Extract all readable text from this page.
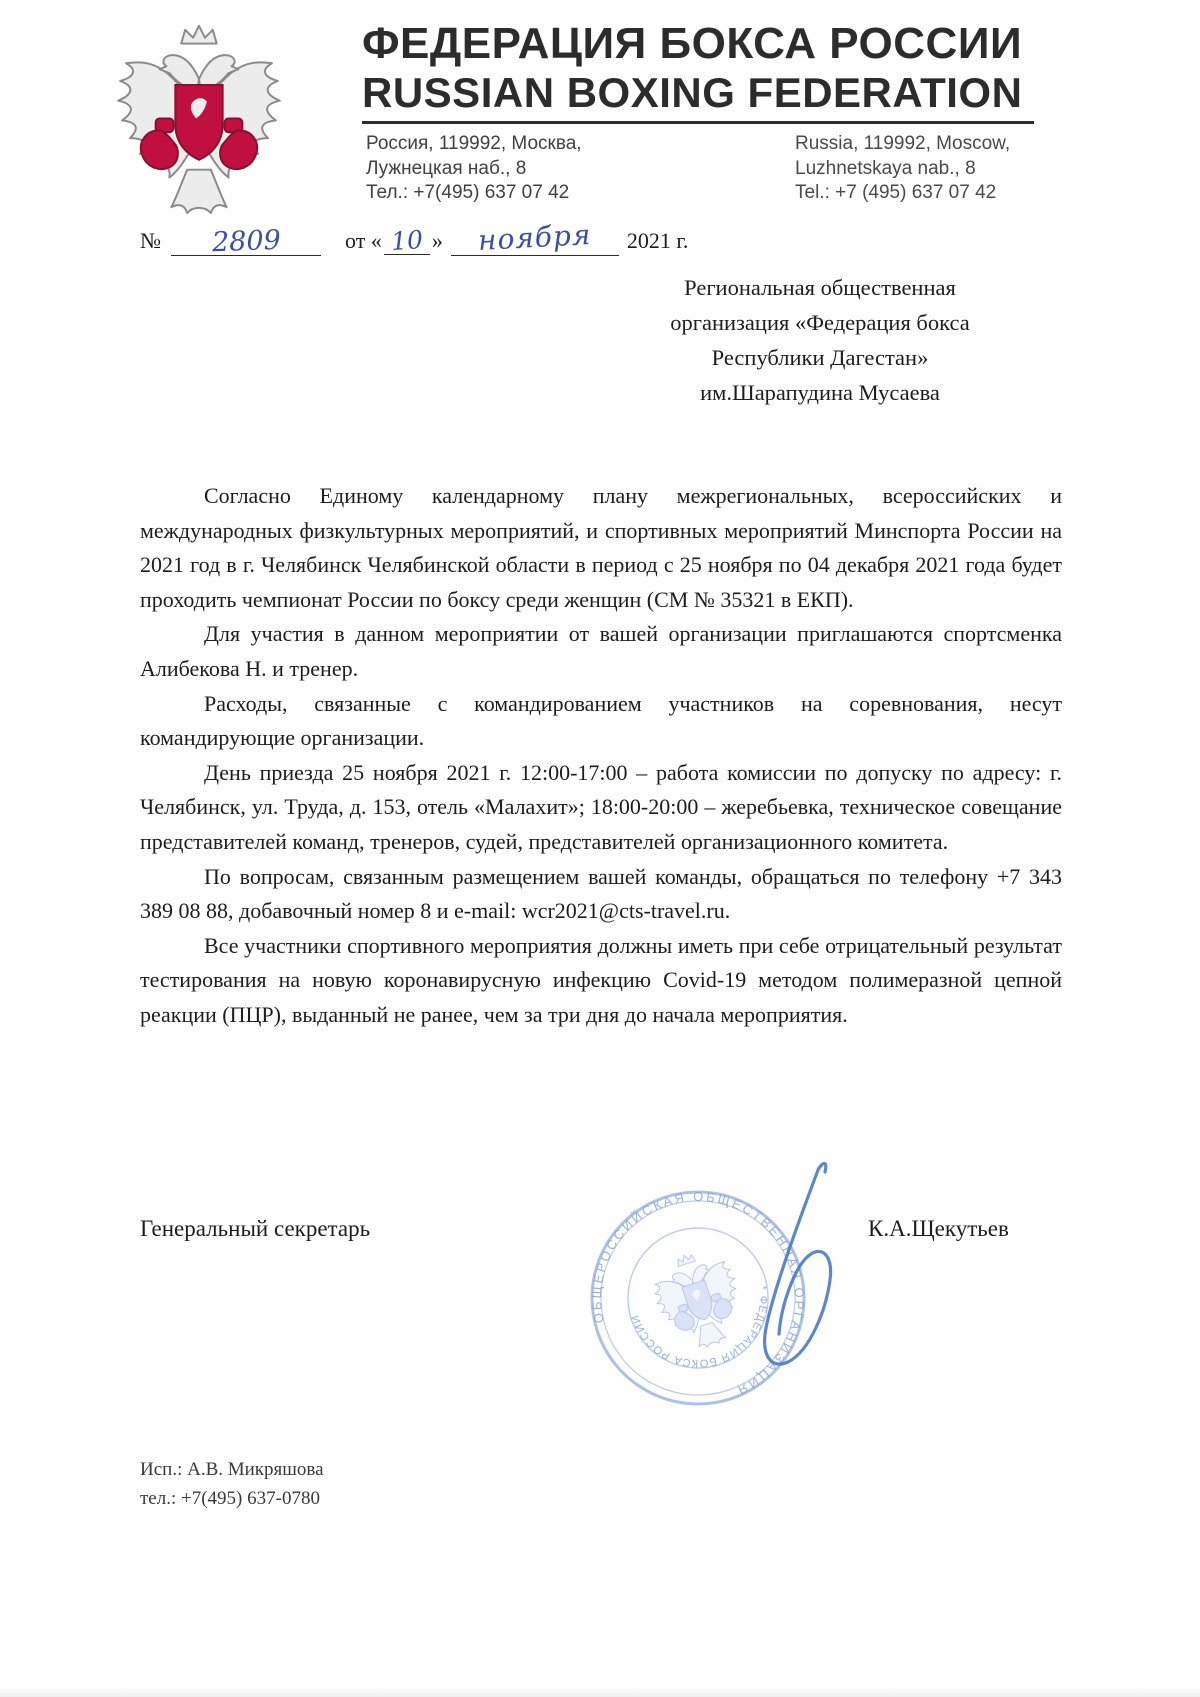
ФЕДЕРАЦИЯ БОКСА РОССИИ
RUSSIAN BOXING FEDERATION
Россия, 119992, Москва,
Лужнецкая наб., 8
Тел.: +7(495) 637 07 42
Russia, 119992, Moscow,
Luzhnetskaya nab., 8
Tel.: +7 (495) 637 07 42
№	2809	от « 10 »	ноября	2021 г.
Региональная общественная
организация «Федерация бокса
Республики Дагестан»
им.Шарапудина Мусаева

Согласно Единому календарному плану межрегиональных, всероссийских и международных физкультурных мероприятий, и спортивных мероприятий Минспорта России на 2021 год в г. Челябинск Челябинской области в период с 25 ноября по 04 декабря 2021 года будет проходить чемпионат России по боксу среди женщин (СМ № 35321 в ЕКП).

Для участия в данном мероприятии от вашей организации приглашаются спортсменка Алибекова Н. и тренер.

Расходы, связанные с командированием участников на соревнования, несут командирующие организации.

День приезда 25 ноября 2021 г. 12:00-17:00 – работа комиссии по допуску по адресу: г. Челябинск, ул. Труда, д. 153, отель «Малахит»; 18:00-20:00 – жеребьевка, техническое совещание представителей команд, тренеров, судей, представителей организационного комитета.

По вопросам, связанным размещением вашей команды, обращаться по телефону +7 343 389 08 88, добавочный номер 8 и e-mail: wcr2021@cts-travel.ru.

Все участники спортивного мероприятия должны иметь при себе отрицательный результат тестирования на новую коронавирусную инфекцию Covid-19 методом полимеразной цепной реакции (ПЦР), выданный не ранее, чем за три дня до начала мероприятия.

Генеральный секретарь	К.А.Щекутьев
ОБЩЕРОССИЙСКАЯ ОБЩЕСТВЕННАЯ ОРГАНИЗАЦИЯ
* ФЕДЕРАЦИЯ БОКСА РОССИИ
Исп.: А.В. Микряшова
тел.: +7(495) 637-0780
